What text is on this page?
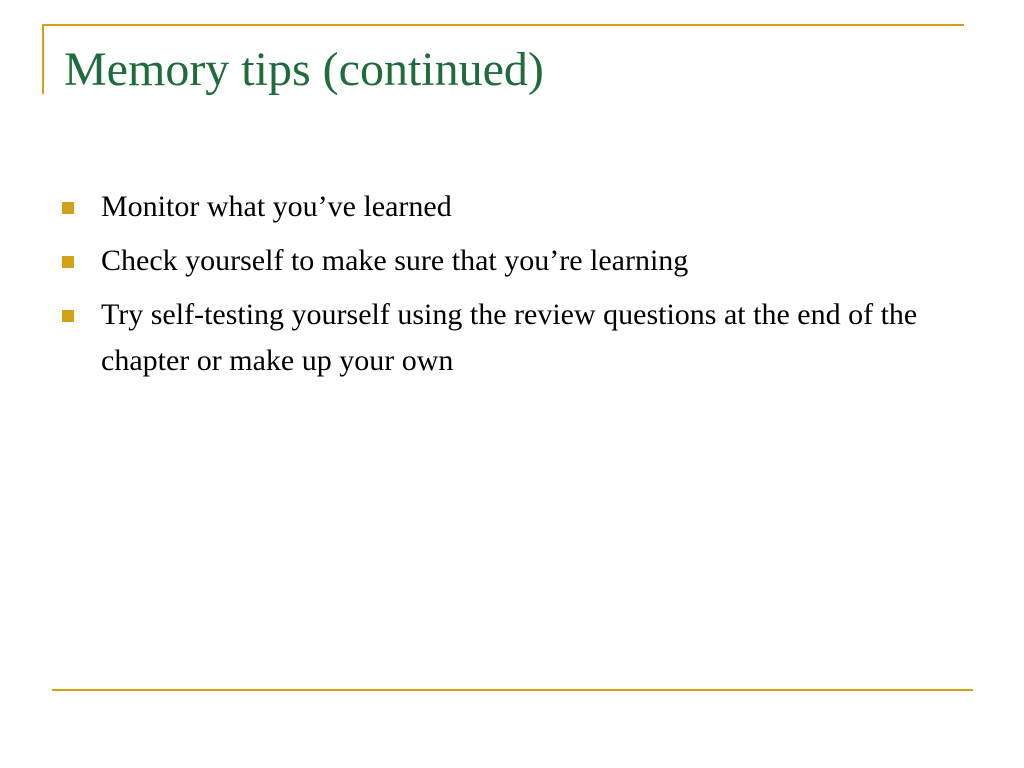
Memory tips (continued)
Monitor what you’ve learned
Check yourself to make sure that you’re learning
Try self-testing yourself using the review questions at the end of the chapter or make up your own
